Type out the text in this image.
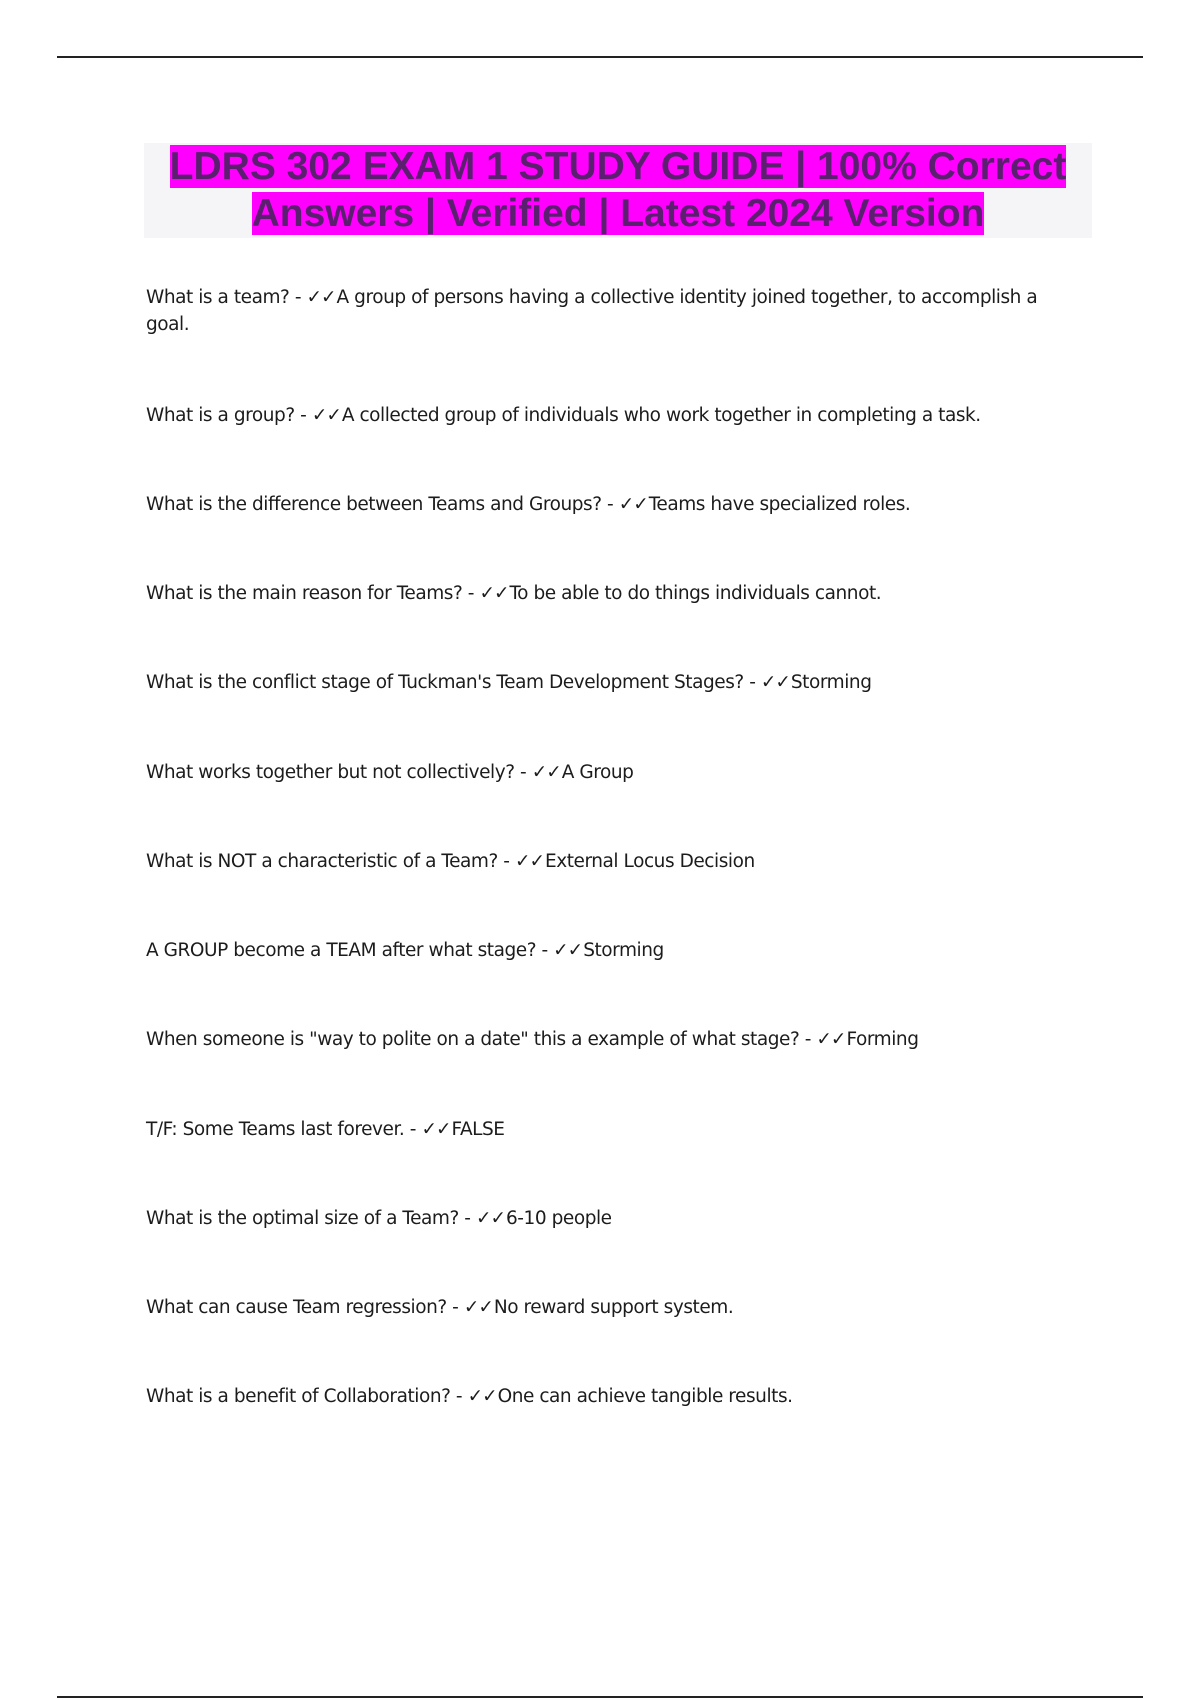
LDRS 302 EXAM 1 STUDY GUIDE | 100% Correct Answers | Verified | Latest 2024 Version
What is a team? - ✓✓A group of persons having a collective identity joined together, to accomplish a goal.
What is a group? - ✓✓A collected group of individuals who work together in completing a task.
What is the difference between Teams and Groups? - ✓✓Teams have specialized roles.
What is the main reason for Teams? - ✓✓To be able to do things individuals cannot.
What is the conflict stage of Tuckman's Team Development Stages? - ✓✓Storming
What works together but not collectively? - ✓✓A Group
What is NOT a characteristic of a Team? - ✓✓External Locus Decision
A GROUP become a TEAM after what stage? - ✓✓Storming
When someone is "way to polite on a date" this a example of what stage? - ✓✓Forming
T/F: Some Teams last forever. - ✓✓FALSE
What is the optimal size of a Team? - ✓✓6-10 people
What can cause Team regression? - ✓✓No reward support system.
What is a benefit of Collaboration? - ✓✓One can achieve tangible results.
